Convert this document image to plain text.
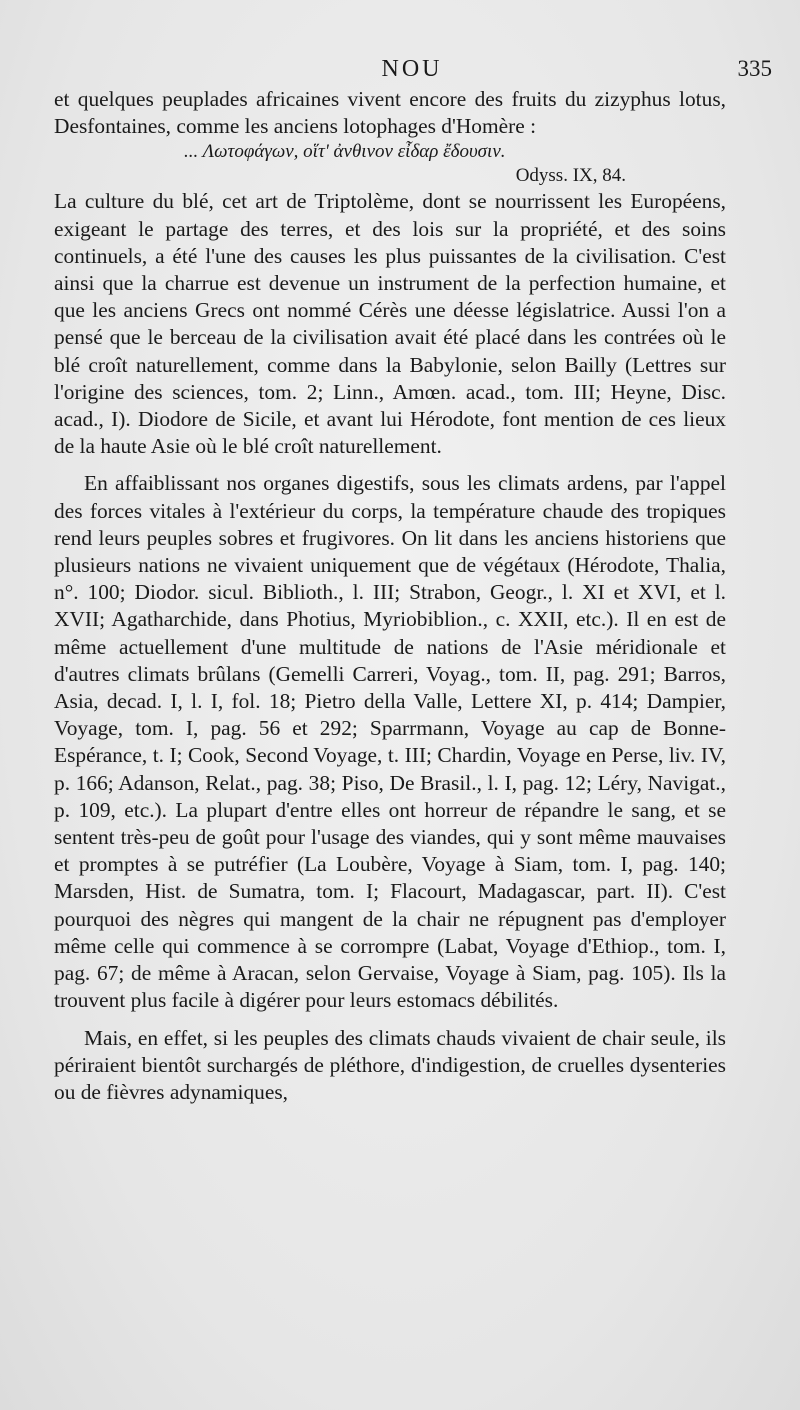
NOU	335

et quelques peuplades africaines vivent encore des fruits du zizyphus lotus, Desfontaines, comme les anciens lotophages d'Homère :

... Λωτοφάγων, οἵτ' ἀνθινον εἶδαρ ἔδουσιν.

Odyss. IX, 84.

La culture du blé, cet art de Triptolème, dont se nourrissent les Européens, exigeant le partage des terres, et des lois sur la propriété, et des soins continuels, a été l'une des causes les plus puissantes de la civilisation. C'est ainsi que la charrue est devenue un instrument de la perfection humaine, et que les anciens Grecs ont nommé Cérès une déesse législatrice. Aussi l'on a pensé que le berceau de la civilisation avait été placé dans les contrées où le blé croît naturellement, comme dans la Babylonie, selon Bailly (Lettres sur l'origine des sciences, tom. 2; Linn., Amœn. acad., tom. III; Heyne, Disc. acad., I). Diodore de Sicile, et avant lui Hérodote, font mention de ces lieux de la haute Asie où le blé croît naturellement.

En affaiblissant nos organes digestifs, sous les climats ardens, par l'appel des forces vitales à l'extérieur du corps, la température chaude des tropiques rend leurs peuples sobres et frugivores. On lit dans les anciens historiens que plusieurs nations ne vivaient uniquement que de végétaux (Hérodote, Thalia, n°. 100; Diodor. sicul. Biblioth., l. III; Strabon, Geogr., l. XI et XVI, et l. XVII; Agatharchide, dans Photius, Myriobiblion., c. XXII, etc.). Il en est de même actuellement d'une multitude de nations de l'Asie méridionale et d'autres climats brûlans (Gemelli Carreri, Voyag., tom. II, pag. 291; Barros, Asia, decad. I, l. I, fol. 18; Pietro della Valle, Lettere XI, p. 414; Dampier, Voyage, tom. I, pag. 56 et 292; Sparrmann, Voyage au cap de Bonne-Espérance, t. I; Cook, Second Voyage, t. III; Chardin, Voyage en Perse, liv. IV, p. 166; Adanson, Relat., pag. 38; Piso, De Brasil., l. I, pag. 12; Léry, Navigat., p. 109, etc.). La plupart d'entre elles ont horreur de répandre le sang, et se sentent très-peu de goût pour l'usage des viandes, qui y sont même mauvaises et promptes à se putréfier (La Loubère, Voyage à Siam, tom. I, pag. 140; Marsden, Hist. de Sumatra, tom. I; Flacourt, Madagascar, part. II). C'est pourquoi des nègres qui mangent de la chair ne répugnent pas d'employer même celle qui commence à se corrompre (Labat, Voyage d'Ethiop., tom. I, pag. 67; de même à Aracan, selon Gervaise, Voyage à Siam, pag. 105). Ils la trouvent plus facile à digérer pour leurs estomacs débilités.

Mais, en effet, si les peuples des climats chauds vivaient de chair seule, ils périraient bientôt surchargés de pléthore, d'indigestion, de cruelles dysenteries ou de fièvres adynamiques,
